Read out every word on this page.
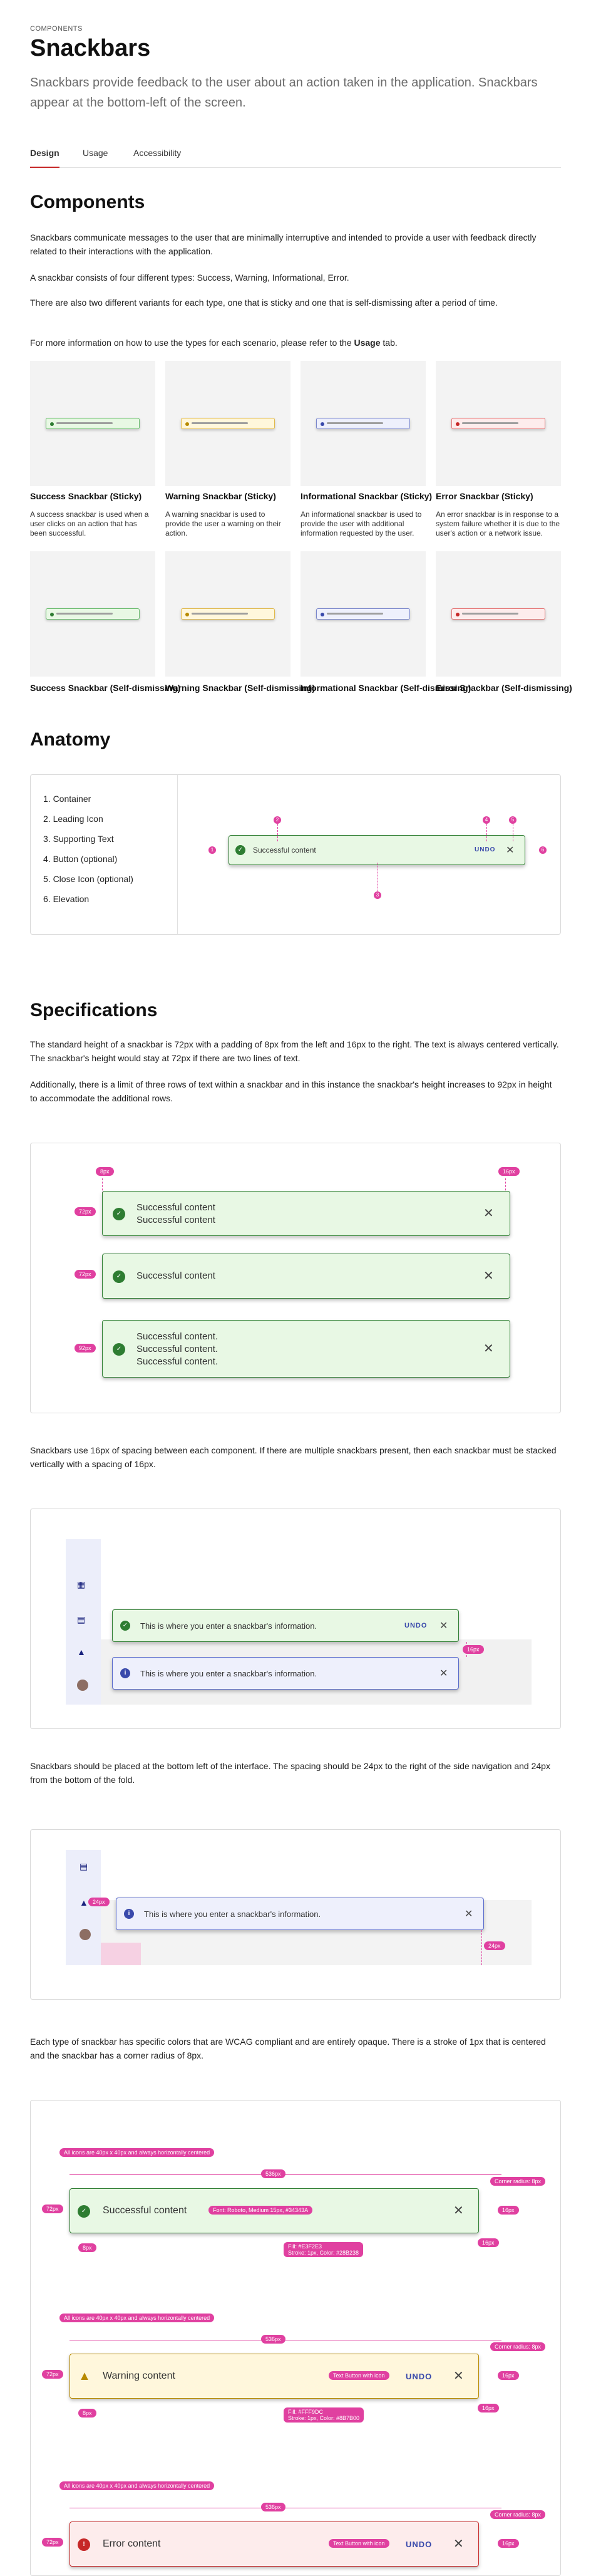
COMPONENTS
Snackbars
Snackbars provide feedback to the user about an action taken in the application. Snackbars appear at the bottom-left of the screen.
Design	Usage	Accessibility
Components
Snackbars communicate messages to the user that are minimally interruptive and intended to provide a user with feedback directly related to their interactions with the application.
A snackbar consists of four different types: Success, Warning, Informational, Error.
There are also two different variants for each type, one that is sticky and one that is self-dismissing after a period of time.
For more information on how to use the types for each scenario, please refer to the Usage tab.
Success Snackbar (Sticky)	Warning Snackbar (Sticky)	Informational Snackbar (Sticky) Error Snackbar (Sticky)
A success snackbar is used when a user clicks on an action that has been successful.
A warning snackbar is used to provide the user a warning on their action.
An informational snackbar is used to provide the user with additional information requested by the user.
An error snackbar is in response to a system failure whether it is due to the user's action or a network issue.
Success Snackbar (Self-dismissing)
Warning Snackbar (Self-dismissing)
Informational Snackbar (Self-dismissing)
Error Snackbar (Self-dismissing)
Anatomy
1. Container
2. Leading Icon
3. Supporting Text
4. Button (optional)
5. Close Icon (optional)
6. Elevation
✓	Successful content	UNDO ✕
1
2
3
4	5
6
Specifications
The standard height of a snackbar is 72px with a padding of 8px from the left and 16px to the right. The text is always centered vertically. The snackbar's height would stay at 72px if there are two lines of text.
Additionally, there is a limit of three rows of text within a snackbar and in this instance the snackbar's height increases to 92px in height to accommodate the additional rows.
8px	16px
72px
72px
92px
✓
Successful content
Successful content	✕
✓	Successful content	✕
✓
Successful content.
Successful content.
Successful content.
✕
Snackbars use 16px of spacing between each component. If there are multiple snackbars present, then each snackbar must be stacked vertically with a spacing of 16px.
▦
▤
▲
✓ This is where you enter a snackbar's information.	UNDO ✕
i	This is where you enter a snackbar's information.	✕
16px
Snackbars should be placed at the bottom left of the interface. The spacing should be 24px to the right of the side navigation and 24px from the bottom of the fold.
▤
▲
i	This is where you enter a snackbar's information.	✕
24px
24px
Each type of snackbar has specific colors that are WCAG compliant and are entirely opaque. There is a stroke of 1px that is centered and the snackbar has a corner radius of 8px.
All icons are 40px x 40px and always horizontally centered
536px
Corner radius: 8px
72px	16px
✓	Successful content	✕
Font: Roboto, Medium 15px, #34343A
8px	Fill: #E3F2E3
Stroke: 1px, Color: #28B238
16px
All icons are 40px x 40px and always horizontally centered
536px
Corner radius: 8px
72px	16px
▲ Warning content	UNDO ✕
Text Button with icon
8px	Fill: #FFF9DC
Stroke: 1px, Color: #8B7B00
16px
All icons are 40px x 40px and always horizontally centered
536px
Corner radius: 8px
72px	16px
!	Error content	UNDO ✕
Text Button with icon
